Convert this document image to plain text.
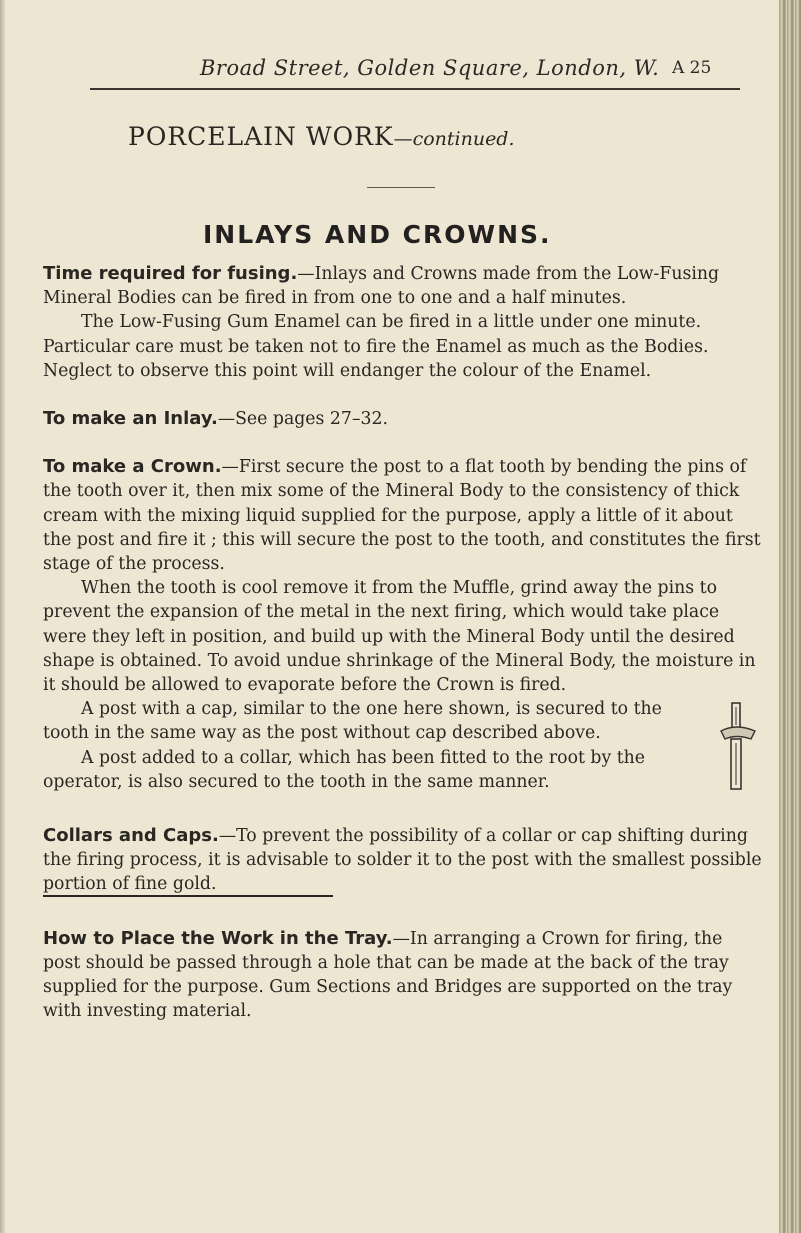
Broad Street, Golden Square, London, W. A 25
PORCELAIN WORK—continued.
INLAYS AND CROWNS.

Time required for fusing.—Inlays and Crowns made from the Low-Fusing Mineral Bodies can be fired in from one to one and a half minutes.

The Low-Fusing Gum Enamel can be fired in a little under one minute.

Particular care must be taken not to fire the Enamel as much as the Bodies.

Neglect to observe this point will endanger the colour of the Enamel.

To make an Inlay.—See pages 27–32.

To make a Crown.—First secure the post to a flat tooth by bending the pins of the tooth over it, then mix some of the Mineral Body to the consistency of thick cream with the mixing liquid supplied for the purpose, apply a little of it about the post and fire it ; this will secure the post to the tooth, and constitutes the first stage of the process.

When the tooth is cool remove it from the Muffle, grind away the pins to prevent the expansion of the metal in the next firing, which would take place were they left in position, and build up with the Mineral Body until the desired shape is obtained. To avoid undue shrinkage of the Mineral Body, the moisture in it should be allowed to evaporate before the Crown is fired.

A post with a cap, similar to the one here shown, is secured to the tooth in the same way as the post without cap described above.

A post added to a collar, which has been fitted to the root by the operator, is also secured to the tooth in the same manner.

Collars and Caps.—To prevent the possibility of a collar or cap shifting during the firing process, it is advisable to solder it to the post with the smallest possible portion of fine gold.

How to Place the Work in the Tray.—In arranging a Crown for firing, the post should be passed through a hole that can be made at the back of the tray supplied for the purpose. Gum Sections and Bridges are supported on the tray with investing material.
